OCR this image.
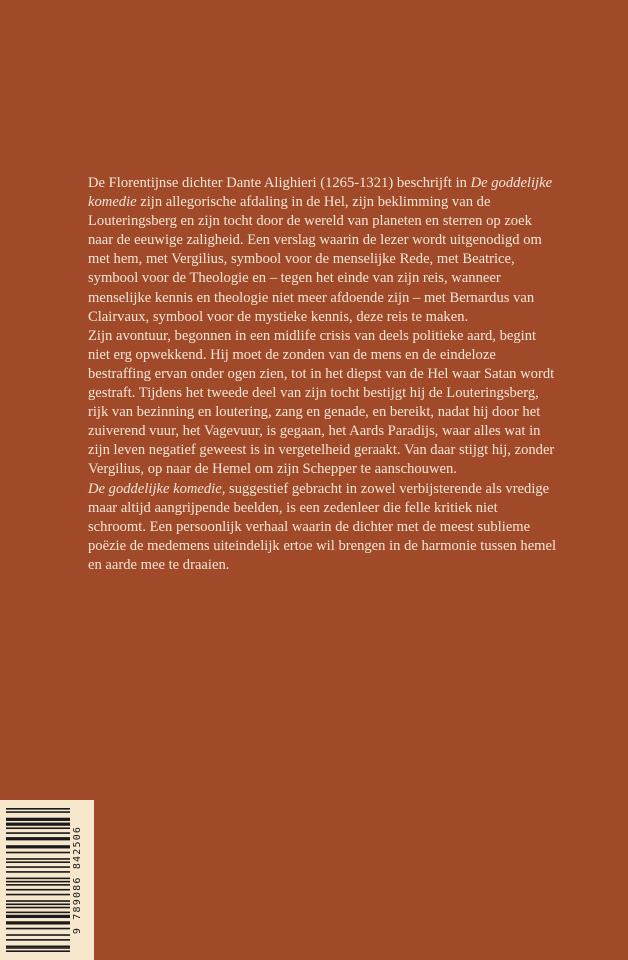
De Florentijnse dichter Dante Alighieri (1265-1321) beschrijft in De goddelijke komedie zijn allegorische afdaling in de Hel, zijn beklimming van de Louteringsberg en zijn tocht door de wereld van planeten en sterren op zoek naar de eeuwige zaligheid. Een verslag waarin de lezer wordt uitgenodigd om met hem, met Vergilius, symbool voor de menselijke Rede, met Beatrice, symbool voor de Theologie en – tegen het einde van zijn reis, wanneer menselijke kennis en theologie niet meer afdoende zijn – met Bernardus van Clairvaux, symbool voor de mystieke kennis, deze reis te maken.

Zijn avontuur, begonnen in een midlife crisis van deels politieke aard, begint niet erg opwekkend. Hij moet de zonden van de mens en de eindeloze bestraffing ervan onder ogen zien, tot in het diepst van de Hel waar Satan wordt gestraft. Tijdens het tweede deel van zijn tocht bestijgt hij de Louteringsberg, rijk van bezinning en loutering, zang en genade, en bereikt, nadat hij door het zuiverend vuur, het Vagevuur, is gegaan, het Aards Paradijs, waar alles wat in zijn leven negatief geweest is in vergetelheid geraakt. Van daar stijgt hij, zonder Vergilius, op naar de Hemel om zijn Schepper te aanschouwen.

De goddelijke komedie, suggestief gebracht in zowel verbijsterende als vredige maar altijd aangrijpende beelden, is een zedenleer die felle kritiek niet schroomt. Een persoonlijk verhaal waarin de dichter met de meest sublieme poëzie de medemens uiteindelijk ertoe wil brengen in de harmonie tussen hemel en aarde mee te draaien.

9 789086 842506
